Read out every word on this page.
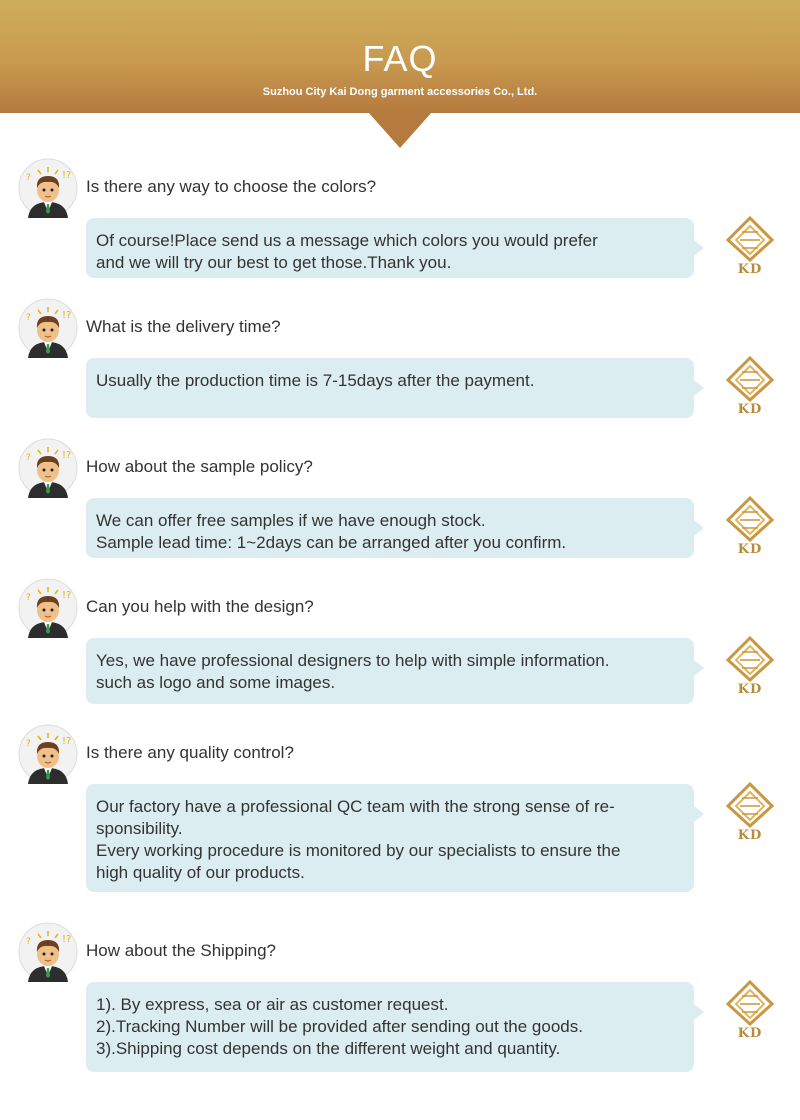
FAQ
Suzhou City Kai Dong garment accessories Co., Ltd.
?	!?
Is there any way to choose the colors?
Of course!Place send us a message which colors you would prefer
and we will try our best to get those.Thank you.	KD
?	!?
What is the delivery time?
Usually the production time is 7-15days after the payment.
KD
?	!?
How about the sample policy?
We can offer free samples if we have enough stock.
Sample lead time: 1~2days can be arranged after you confirm.	KD
?	!?
Can you help with the design?
Yes, we have professional designers to help with simple information.
such as logo and some images.	KD
?	!?
Is there any quality control?
Our factory have a professional QC team with the strong sense of re-
sponsibility.
Every working procedure is monitored by our specialists to ensure the
high quality of our products.
KD
?	!?
How about the Shipping?
1). By express, sea or air as customer request.
2).Tracking Number will be provided after sending out the goods.
3).Shipping cost depends on the different weight and quantity.
KD
